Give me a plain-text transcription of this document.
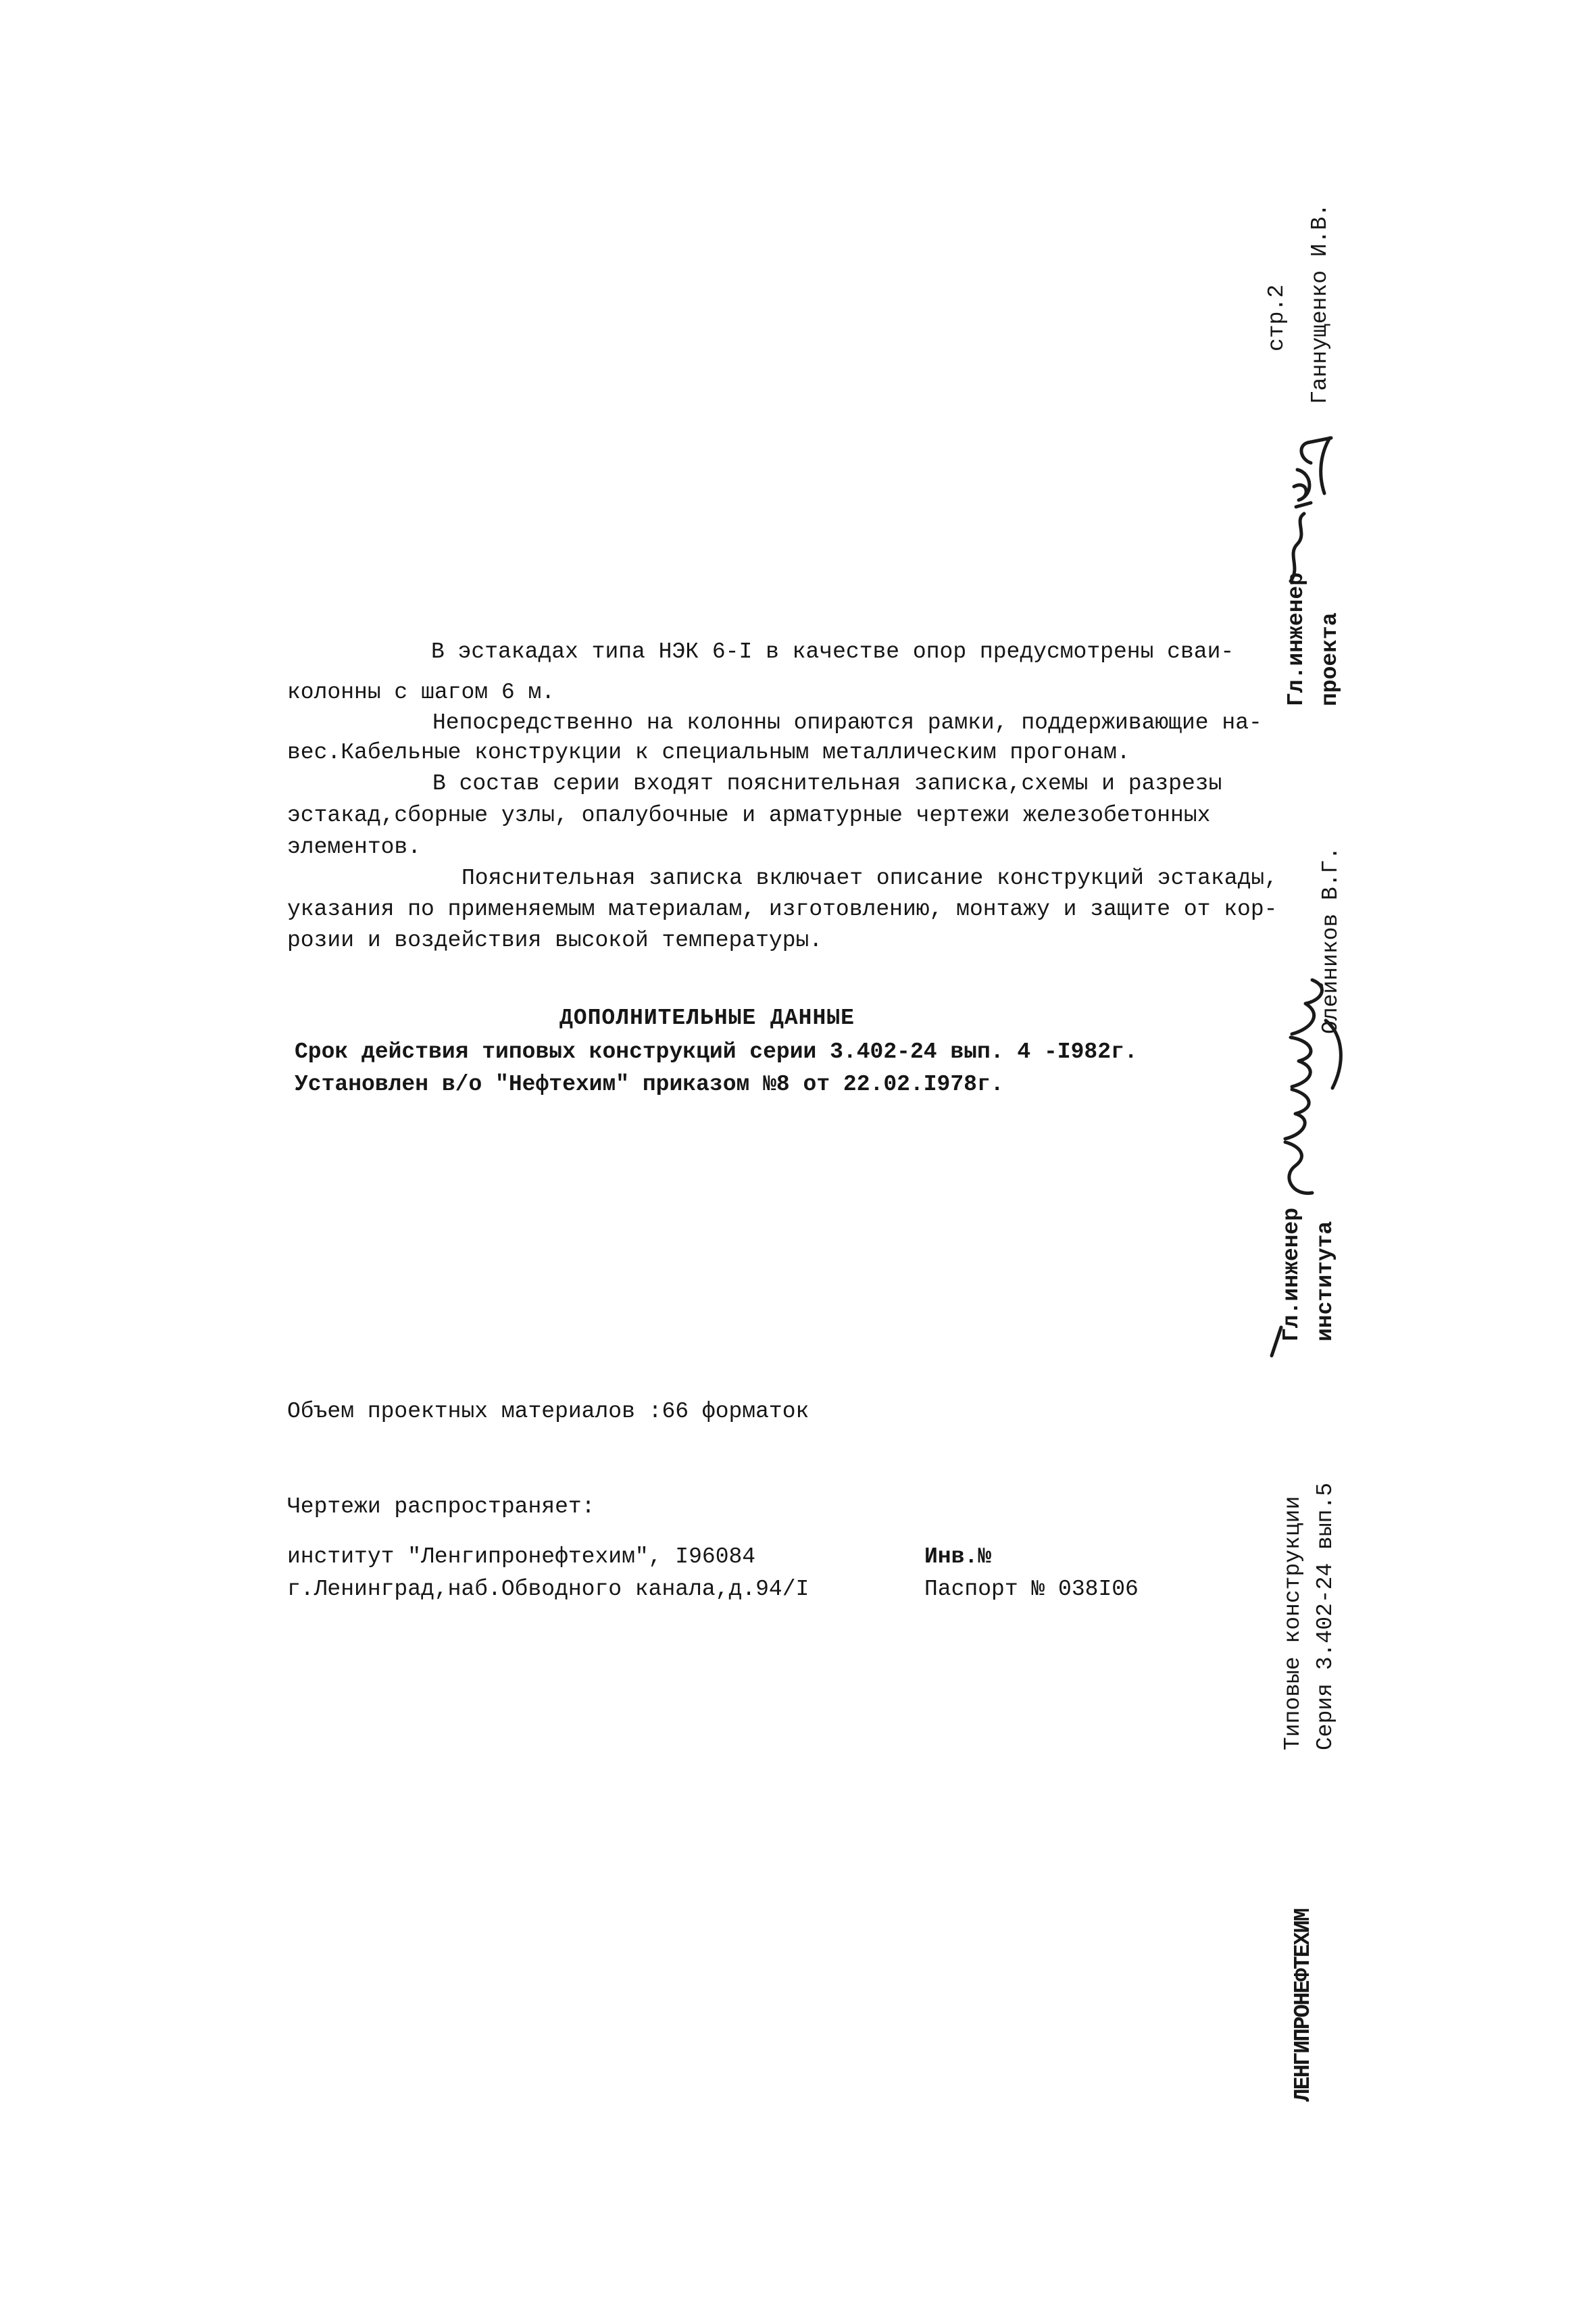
В эстакадах типа НЭК 6-I в качестве опор предусмотрены сваи-
колонны с шагом 6 м.
Непосредственно на колонны опираются рамки, поддерживающие на-
вес.Кабельные конструкции к специальным металлическим прогонам.
В состав серии входят пояснительная записка,схемы и разрезы
эстакад,сборные узлы, опалубочные и арматурные чертежи железобетонных
элементов.
Пояснительная записка включает описание конструкций эстакады,
указания по применяемым материалам, изготовлению, монтажу и защите от кор-
розии и воздействия высокой температуры.
ДОПОЛНИТЕЛЬНЫЕ ДАННЫЕ
Срок действия типовых конструкций серии 3.402-24 вып. 4 -I982г.
Установлен в/о "Нефтехим" приказом №8 от 22.02.I978г.
Объем проектных материалов :66 форматок
Чертежи распространяет:
институт "Ленгипронефтехим", I96084
г.Ленинград,наб.Обводного канала,д.94/I
Инв.№
Паспорт № 038I06
стр.2 Ганнущенко И.В.
Гл.инженер проекта
Олейников В.Г.
Гл.инженер института
Типовые конструкции Серия 3.402-24 вып.5
ЛЕНГИПРОНЕФТЕХИМ
